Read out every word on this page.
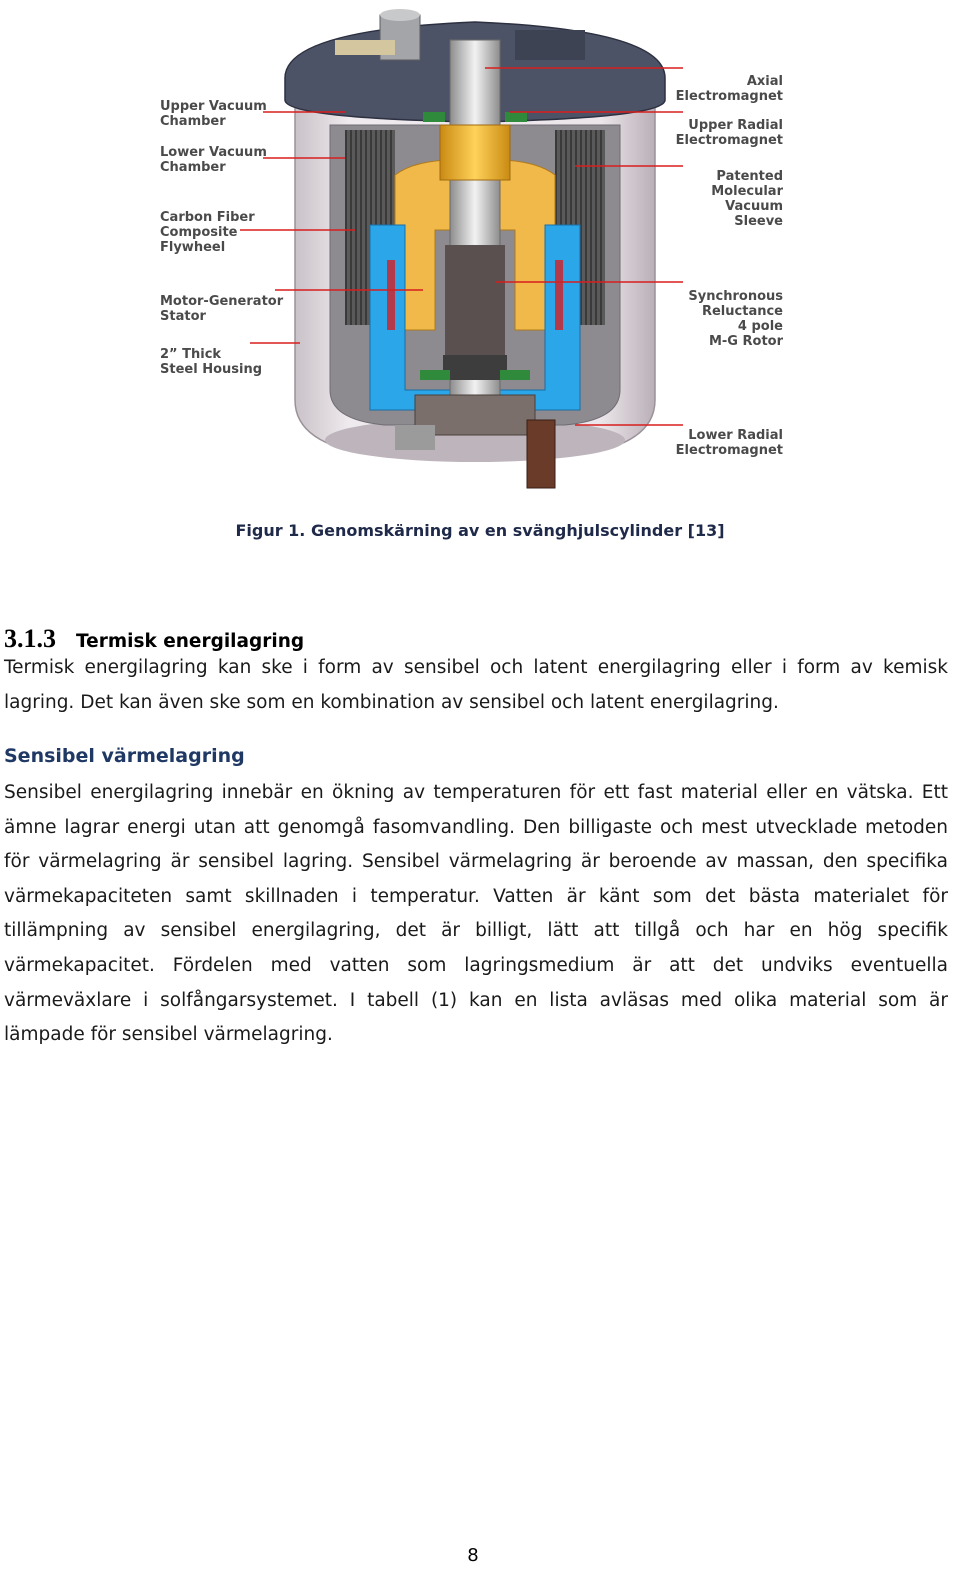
Upper Vacuum Chamber
Lower Vacuum Chamber
Carbon Fiber Composite Flywheel
Motor-Generator Stator
2” Thick Steel Housing
Axial Electromagnet
Upper Radial Electromagnet
Patented Molecular Vacuum Sleeve
Synchronous Reluctance 4 pole M-G Rotor
Lower Radial Electromagnet
Figur 1. Genomskärning av en svänghjulscylinder [13]
3.1.3 Termisk energilagring

Termisk energilagring kan ske i form av sensibel och latent energilagring eller i form av kemisk lagring. Det kan även ske som en kombination av sensibel och latent energilagring.

Sensibel värmelagring

Sensibel energilagring innebär en ökning av temperaturen för ett fast material eller en vätska. Ett ämne lagrar energi utan att genomgå fasomvandling. Den billigaste och mest utvecklade metoden för värmelagring är sensibel lagring. Sensibel värmelagring är beroende av massan, den specifika värmekapaciteten samt skillnaden i temperatur. Vatten är känt som det bästa materialet för tillämpning av sensibel energilagring, det är billigt, lätt att tillgå och har en hög specifik värmekapacitet. Fördelen med vatten som lagringsmedium är att det undviks eventuella värmeväxlare i solfångarsystemet. I tabell (1) kan en lista avläsas med olika material som är lämpade för sensibel värmelagring.

8
